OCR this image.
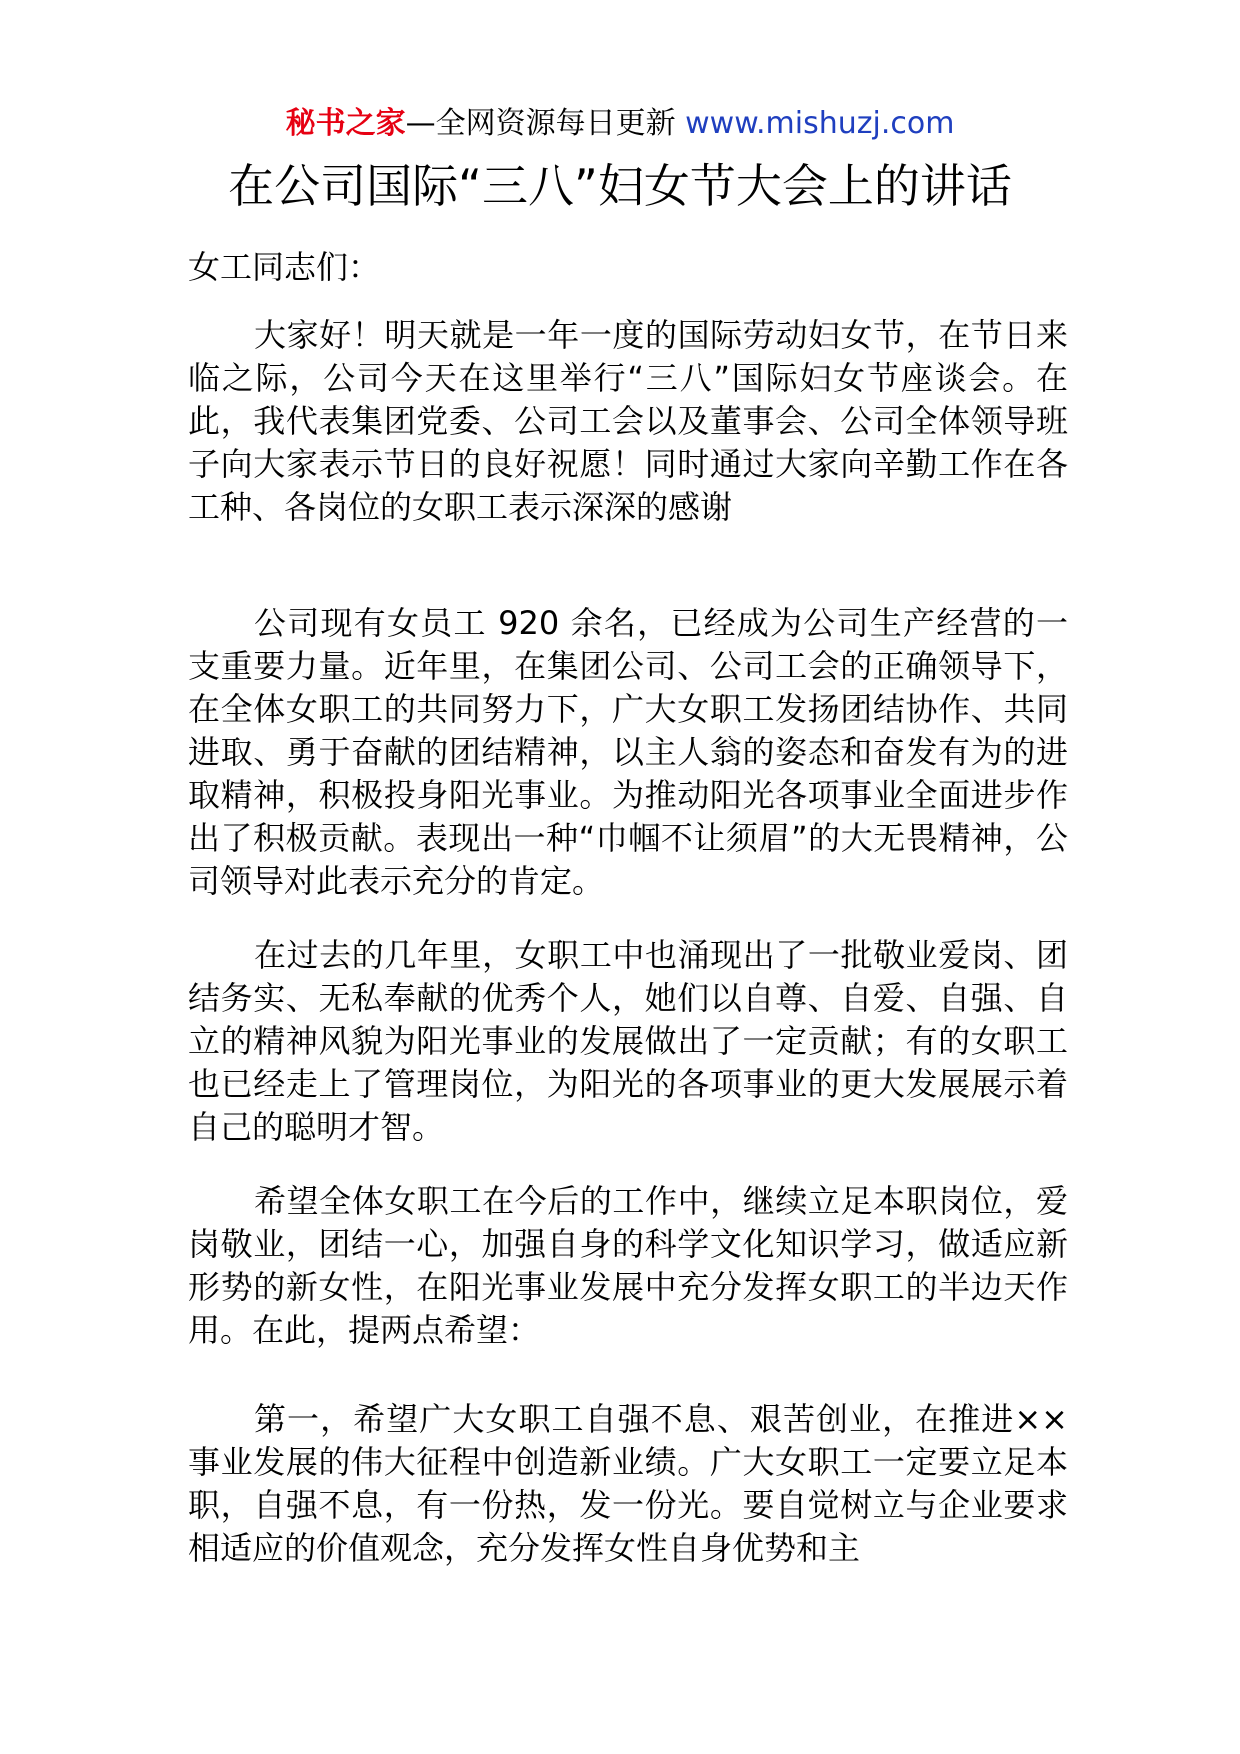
秘书之家—全网资源每日更新 www.mishuzj.com
在公司国际“三八”妇女节大会上的讲话

女工同志们：

大家好！明天就是一年一度的国际劳动妇女节，在节日来临之际，公司今天在这里举行“三八”国际妇女节座谈会。在此，我代表集团党委、公司工会以及董事会、公司全体领导班子向大家表示节日的良好祝愿！同时通过大家向辛勤工作在各工种、各岗位的女职工表示深深的感谢

公司现有女员工 920 余名，已经成为公司生产经营的一支重要力量。近年里，在集团公司、公司工会的正确领导下，在全体女职工的共同努力下，广大女职工发扬团结协作、共同进取、勇于奋献的团结精神，以主人翁的姿态和奋发有为的进取精神，积极投身阳光事业。为推动阳光各项事业全面进步作出了积极贡献。表现出一种“巾帼不让须眉”的大无畏精神，公司领导对此表示充分的肯定。

在过去的几年里，女职工中也涌现出了一批敬业爱岗、团结务实、无私奉献的优秀个人，她们以自尊、自爱、自强、自立的精神风貌为阳光事业的发展做出了一定贡献；有的女职工也已经走上了管理岗位，为阳光的各项事业的更大发展展示着自己的聪明才智。

希望全体女职工在今后的工作中，继续立足本职岗位，爱岗敬业，团结一心，加强自身的科学文化知识学习，做适应新形势的新女性，在阳光事业发展中充分发挥女职工的半边天作用。在此，提两点希望：

第一，希望广大女职工自强不息、艰苦创业，在推进××事业发展的伟大征程中创造新业绩。广大女职工一定要立足本职，自强不息，有一份热，发一份光。要自觉树立与企业要求相适应的价值观念，充分发挥女性自身优势和主
